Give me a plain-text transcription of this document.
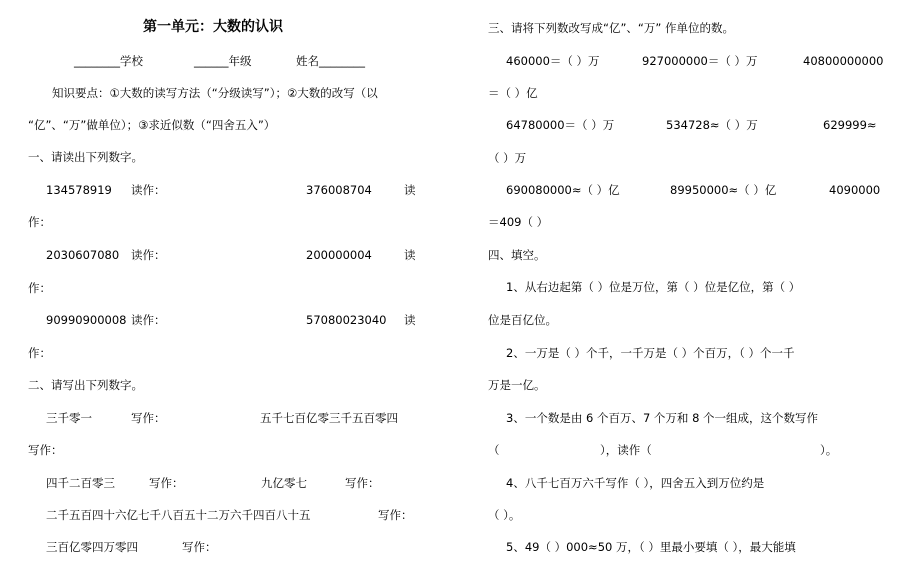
第一单元：大数的认识
________学校	______年级	姓名________
知识要点：①大数的读写方法（“分级读写”）；②大数的改写（以
“亿”、“万”做单位）；③求近似数（“四舍五入”）
一、请读出下列数字。
134578919 读作：	376008704	读
作：
2030607080 读作：	200000004	读
作：
90990900008 读作：	57080023040 读
作：
二、请写出下列数字。
三千零一	写作：	五千七百亿零三千五百零四
写作：
四千二百零三	写作：	九亿零七	写作：
二千五百四十六亿七千八百五十二万六千四百八十五	写作：
三百亿零四万零四	写作：
三、请将下列数改写成“亿”、“万” 作单位的数。
460000＝（ ）万	927000000＝（ ）万	40800000000
＝（ ）亿
64780000＝（ ）万	534728≈（ ）万	629999≈
（ ）万
690080000≈（ ）亿	89950000≈（ ）亿	4090000
＝409（ ）
四、填空。
1、从右边起第（ ）位是万位，第（ ）位是亿位，第（ ）
位是百亿位。
2、一万是（ ）个千，一千万是（ ）个百万，（ ）个一千
万是一亿。
3、一个数是由 6 个百万、7 个万和 8 个一组成，这个数写作
（	），读作（	）。
4、八千七百万六千写作（ ），四舍五入到万位约是
（ ）。
5、49（ ）000≈50 万，（ ）里最小要填（ ），最大能填
